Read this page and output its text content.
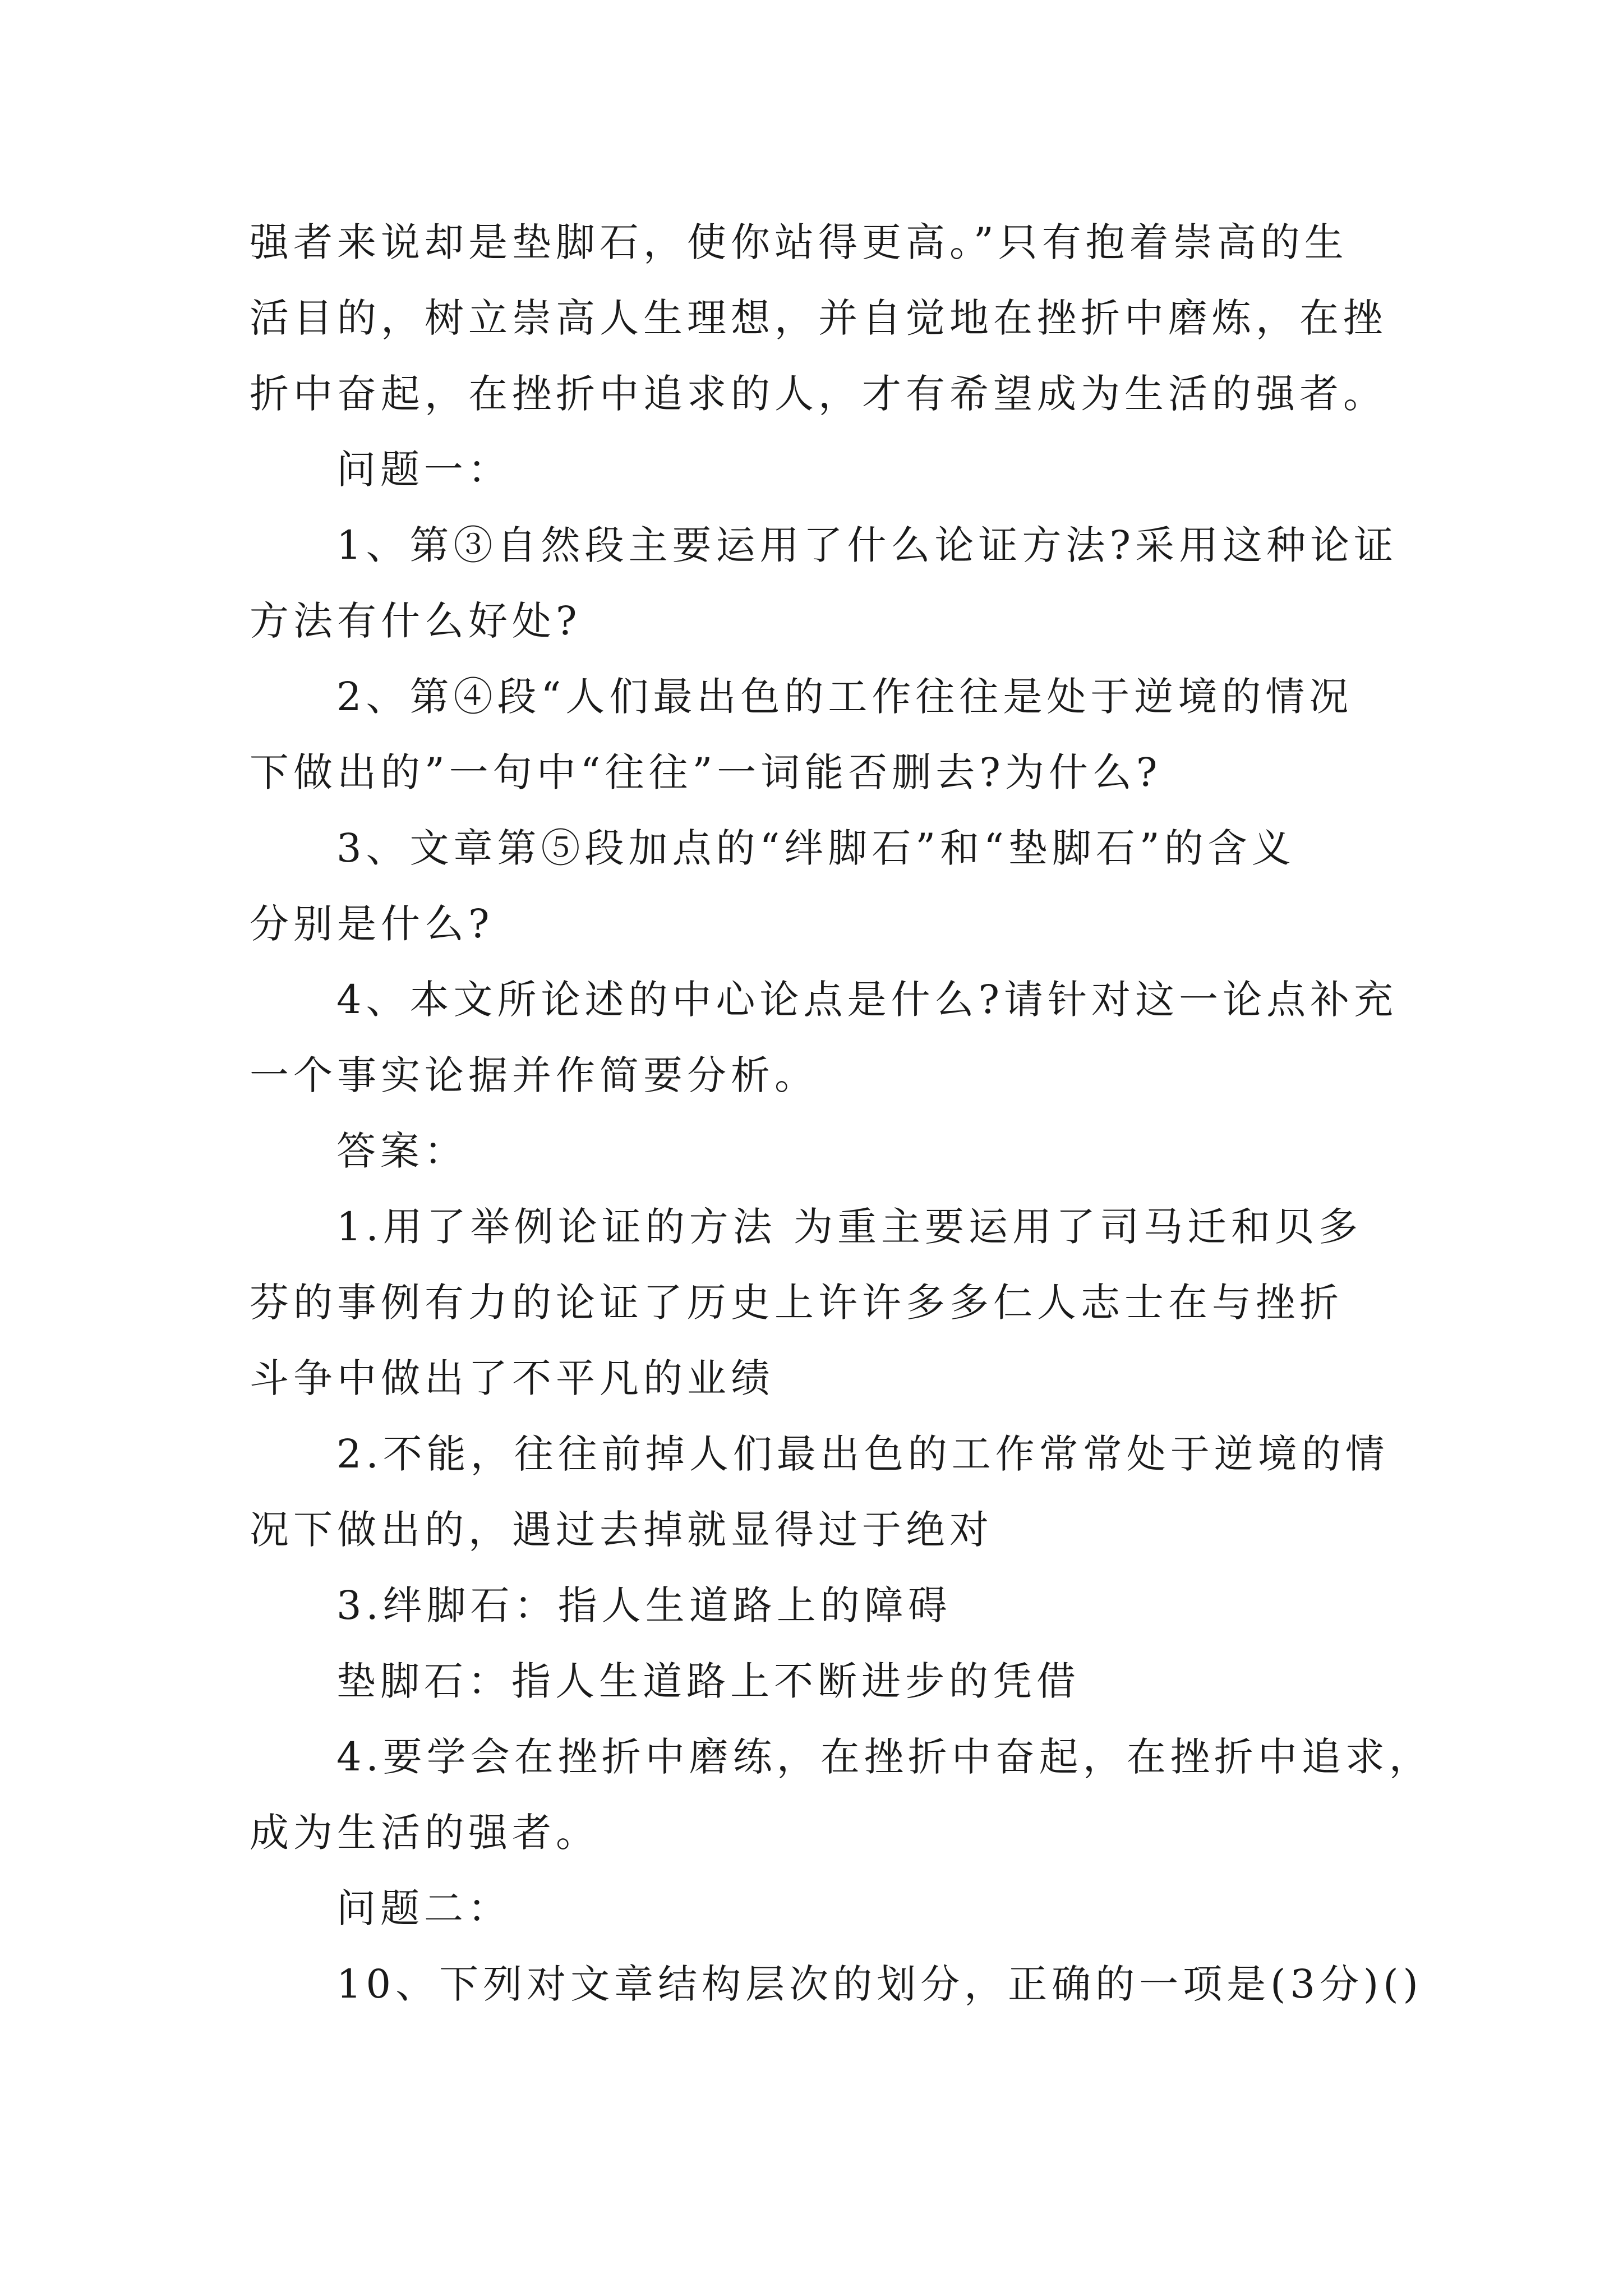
强者来说却是垫脚石，使你站得更高。”只有抱着崇高的生
活目的，树立崇高人生理想，并自觉地在挫折中磨炼，在挫
折中奋起，在挫折中追求的人，才有希望成为生活的强者。
问题一：
1、第③自然段主要运用了什么论证方法?采用这种论证
方法有什么好处?
2、第④段“人们最出色的工作往往是处于逆境的情况
下做出的”一句中“往往”一词能否删去?为什么?
3、文章第⑤段加点的“绊脚石”和“垫脚石”的含义
分别是什么?
4、本文所论述的中心论点是什么?请针对这一论点补充
一个事实论据并作简要分析。
答案：
1.用了举例论证的方法 为重主要运用了司马迁和贝多
芬的事例有力的论证了历史上许许多多仁人志士在与挫折
斗争中做出了不平凡的业绩
2.不能，往往前掉人们最出色的工作常常处于逆境的情
况下做出的，遇过去掉就显得过于绝对
3.绊脚石：指人生道路上的障碍
垫脚石：指人生道路上不断进步的凭借
4.要学会在挫折中磨练，在挫折中奋起，在挫折中追求，
成为生活的强者。
问题二：
10、下列对文章结构层次的划分，正确的一项是(3分)()
